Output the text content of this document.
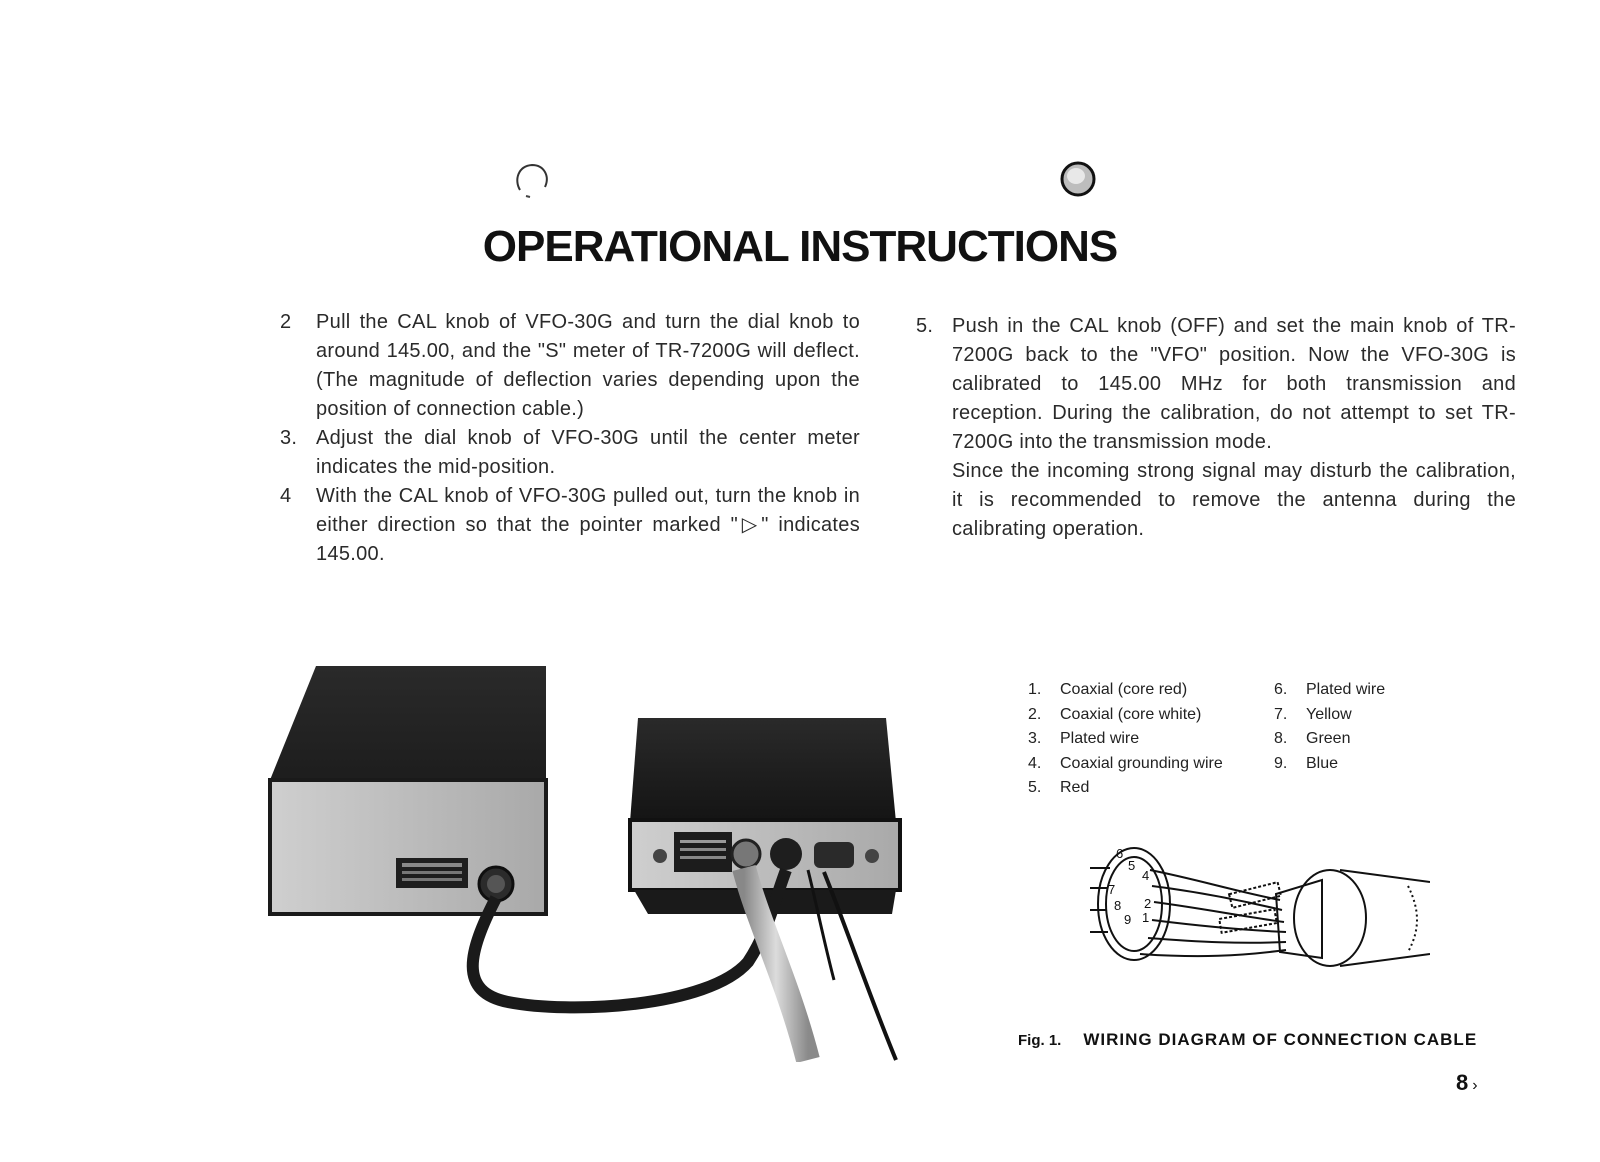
OPERATIONAL INSTRUCTIONS
2	Pull the CAL knob of VFO-30G and turn the dial knob to around 145.00, and the "S" meter of TR-7200G will deflect. (The magnitude of deflection varies depending upon the position of connection cable.)
3. Adjust the dial knob of VFO-30G until the center meter indicates the mid-position.
4	With the CAL knob of VFO-30G pulled out, turn the knob in either direction so that the pointer marked "▷" indicates 145.00.
5. Push in the CAL knob (OFF) and set the main knob of TR-7200G back to the "VFO" position. Now the VFO-30G is calibrated to 145.00 MHz for both transmission and reception. During the calibration, do not attempt to set TR-7200G into the transmission mode.

Since the incoming strong signal may disturb the calibration, it is recommended to remove the antenna during the calibrating operation.

1. Coaxial (core red)
2. Coaxial (core white)
3. Plated wire
4. Coaxial grounding wire
5. Red
6. Plated wire
7. Yellow
8. Green
9. Blue
6
5
4
7
8
9
2
1
Fig. 1. WIRING DIAGRAM OF CONNECTION CABLE
8 ›
